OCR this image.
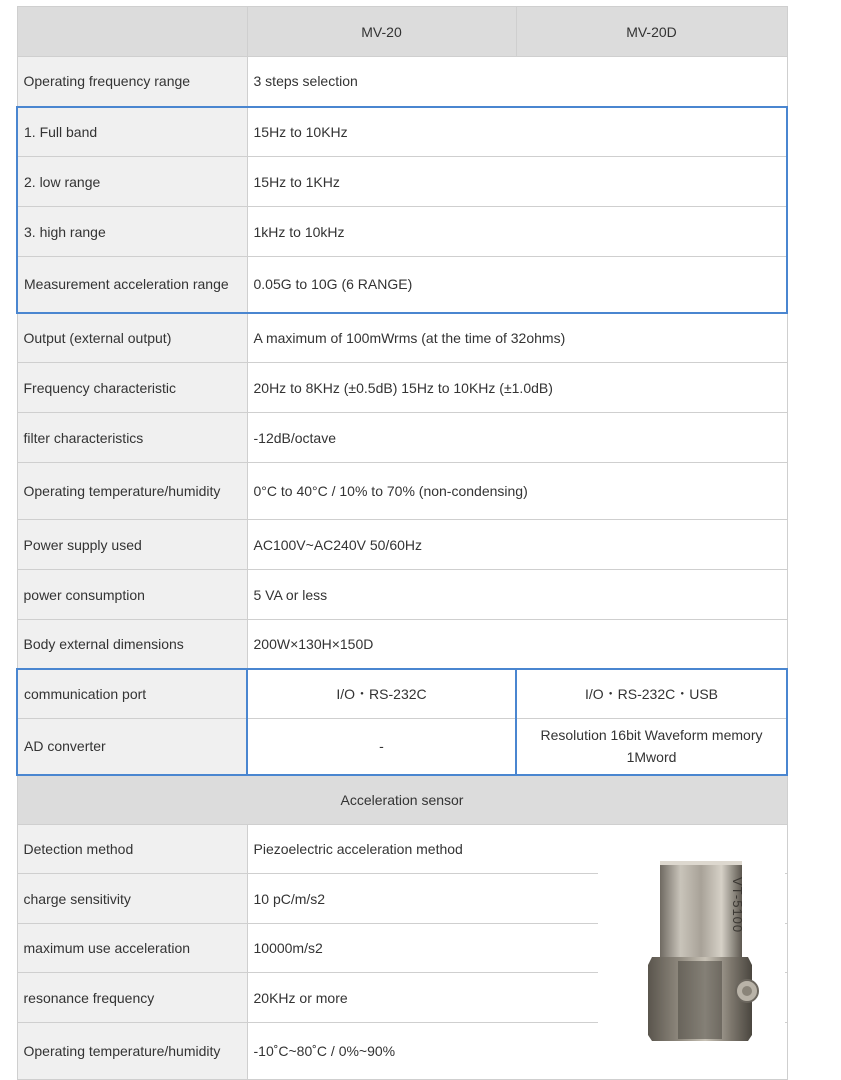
	MV-20	MV-20D
Operating frequency range	3 steps selection	
1. Full band	15Hz to 10KHz	
2. low range	15Hz to 1KHz	
3. high range	1kHz to 10kHz	
Measurement acceleration range	0.05G to 10G (6 RANGE)	
Output (external output)	A maximum of 100mWrms (at the time of 32ohms)	
Frequency characteristic	20Hz to 8KHz (±0.5dB) 15Hz to 10KHz (±1.0dB)	
filter characteristics	-12dB/octave	
Operating temperature/humidity	0°C to 40°C / 10% to 70% (non-condensing)	
Power supply used	AC100V~AC240V 50/60Hz	
power consumption	5 VA or less	
Body external dimensions	200W×130H×150D	
communication port	I/O・RS-232C	I/O・RS-232C・USB
AD converter	-	Resolution 16bit Waveform memory 1Mword
Acceleration sensor		
Detection method	Piezoelectric acceleration method	
charge sensitivity	10 pC/m/s2	
maximum use acceleration	10000m/s2	
resonance frequency	20KHz or more	
Operating temperature/humidity	-10˚C~80˚C / 0%~90%	
VT-5100
